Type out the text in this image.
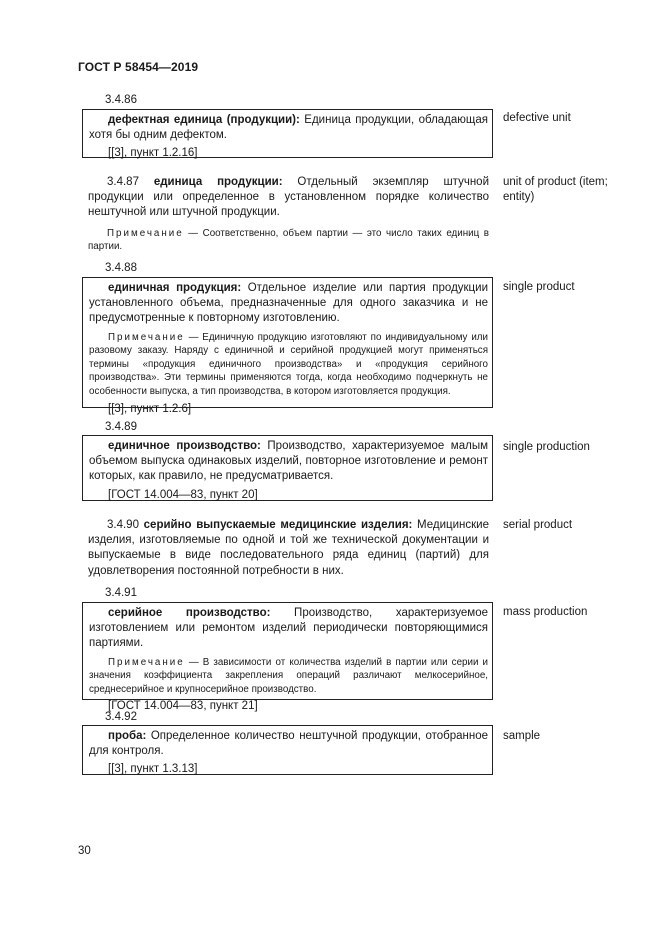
ГОСТ Р 58454—2019
3.4.86

дефектная единица (продукции): Единица продукции, обладающая хотя бы одним дефектом.

[[3], пункт 1.2.16]

defective unit

3.4.87 единица продукции: Отдельный экземпляр штучной продукции или определенное в установленном порядке количество нештучной или штучной продукции.

Примечание — Соответственно, объем партии — это число таких единиц в партии.

unit of product (item; entity)
3.4.88

единичная продукция: Отдельное изделие или партия продукции установленного объема, предназначенные для одного заказчика и не предусмотренные к повторному изготовлению.

Примечание — Единичную продукцию изготовляют по индивидуальному или разовому заказу. Наряду с единичной и серийной продукцией могут применяться термины «продукция единичного производства» и «продукция серийного производства». Эти термины применяются тогда, когда необходимо подчеркнуть не особенности выпуска, а тип производства, в котором изготовляется продукция.

[[3], пункт 1.2.6]

single product
3.4.89

единичное производство: Производство, характеризуемое малым объемом выпуска одинаковых изделий, повторное изготовление и ремонт которых, как правило, не предусматривается.

[ГОСТ 14.004—83, пункт 20]

single production

3.4.90 серийно выпускаемые медицинские изделия: Медицинские изделия, изготовляемые по одной и той же технической документации и выпускаемые в виде последовательного ряда единиц (партий) для удовлетворения постоянной потребности в них.

serial product
3.4.91

серийное производство: Производство, характеризуемое изготовлением или ремонтом изделий периодически повторяющимися партиями.

Примечание — В зависимости от количества изделий в партии или серии и значения коэффициента закрепления операций различают мелкосерийное, среднесерийное и крупносерийное производство.

[ГОСТ 14.004—83, пункт 21]

mass production
3.4.92

проба: Определенное количество нештучной продукции, отобранное для контроля.

[[3], пункт 1.3.13]

sample
30
